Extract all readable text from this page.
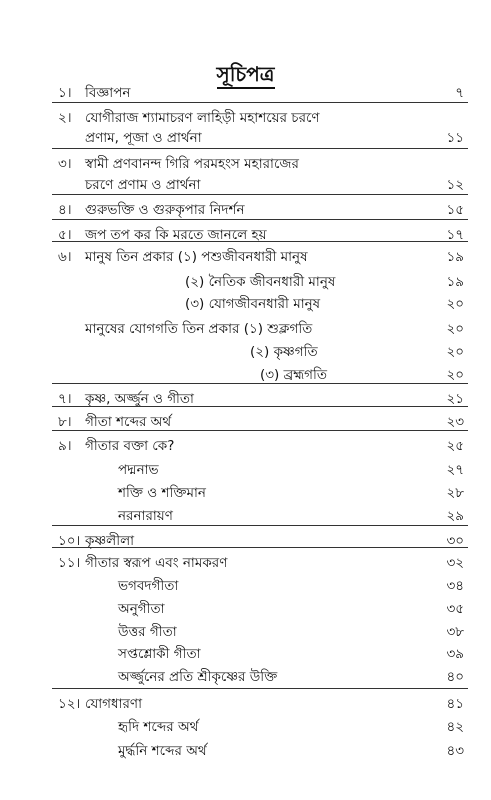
সূচিপত্র
১। বিজ্ঞাপন	৭
২। যোগীরাজ শ্যামাচরণ লাহিড়ী মহাশয়ের চরণে
প্রণাম, পূজা ও প্রার্থনা	১১
৩। স্বামী প্রণবানন্দ গিরি পরমহংস মহারাজের
চরণে প্রণাম ও প্রার্থনা	১২
৪। গুরুভক্তি ও গুরুকৃপার নিদর্শন	১৫
৫। জপ তপ কর কি মরতে জানলে হয়	১৭
৬। মানুষ তিন প্রকার (১) পশুজীবনধারী মানুষ	১৯
(২) নৈতিক জীবনধারী মানুষ	১৯
(৩) যোগজীবনধারী মানুষ	২০
মানুষের যোগগতি তিন প্রকার (১) শুক্লগতি	২০
(২) কৃষ্ণগতি	২০
(৩) ব্রহ্মগতি	২০
৭। কৃষ্ণ, অর্জ্জুন ও গীতা	২১
৮। গীতা শব্দের অর্থ	২৩
৯। গীতার বক্তা কে?	২৫
পদ্মনাভ	২৭
শক্তি ও শক্তিমান	২৮
নরনারায়ণ	২৯
১০। কৃষ্ণলীলা	৩০
১১। গীতার স্বরূপ এবং নামকরণ	৩২
ভগবদগীতা	৩৪
অনুগীতা	৩৫
উত্তর গীতা	৩৮
সপ্তশ্লোকী গীতা	৩৯
অর্জ্জুনের প্রতি শ্রীকৃষ্ণের উক্তি	৪০
১২। যোগধারণা	৪১
হৃদি শব্দের অর্থ	৪২
মুর্দ্ধনি শব্দের অর্থ	৪৩
